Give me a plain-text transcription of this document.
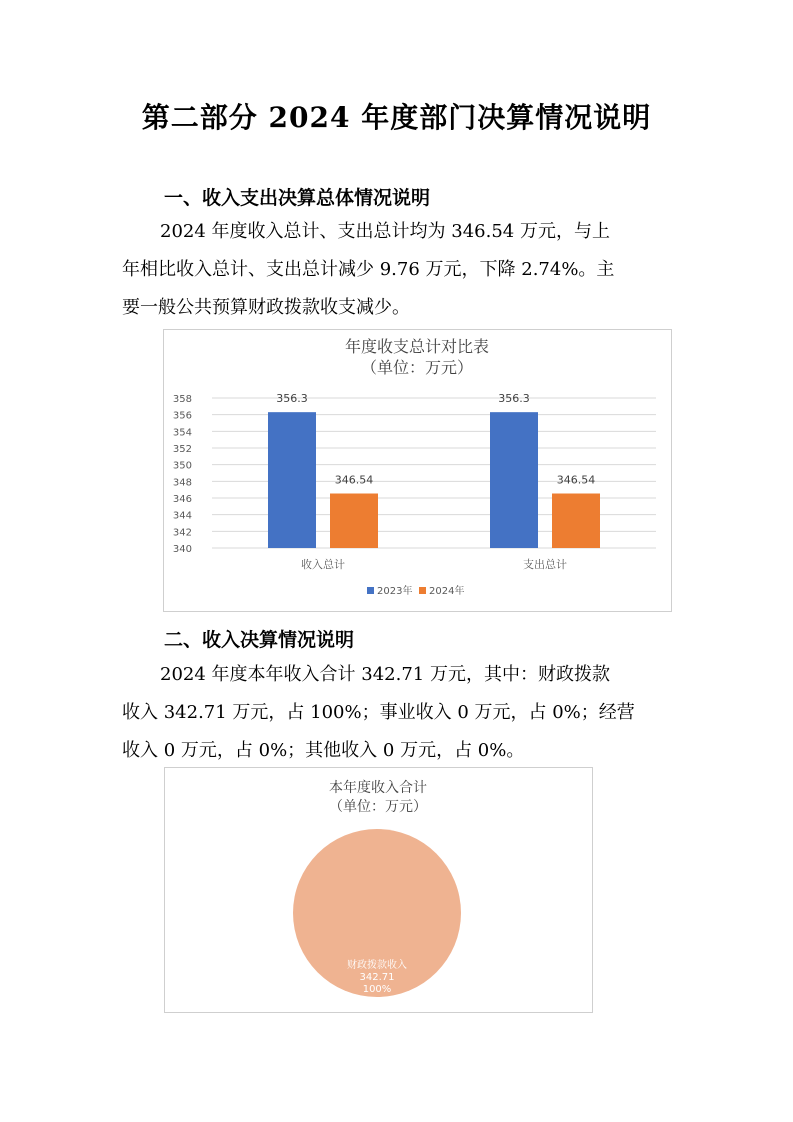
第二部分 2024 年度部门决算情况说明
一、收入支出决算总体情况说明

2024 年度收入总计、支出总计均为 346.54 万元，与上

年相比收入总计、支出总计减少 9.76 万元，下降 2.74%。主

要一般公共预算财政拨款收支减少。

年度收支总计对比表
（单位：万元）
340
342
344
346
348
350
352
354
356
358	356.3
346.54
收入总计
356.3
346.54
支出总计
2023年 2024年
二、收入决算情况说明

2024 年度本年收入合计 342.71 万元，其中：财政拨款

收入 342.71 万元，占 100%；事业收入 0 万元，占 0%；经营

收入 0 万元，占 0%；其他收入 0 万元，占 0%。

本年度收入合计
（单位：万元）
财政拨款收入
342.71
100%
